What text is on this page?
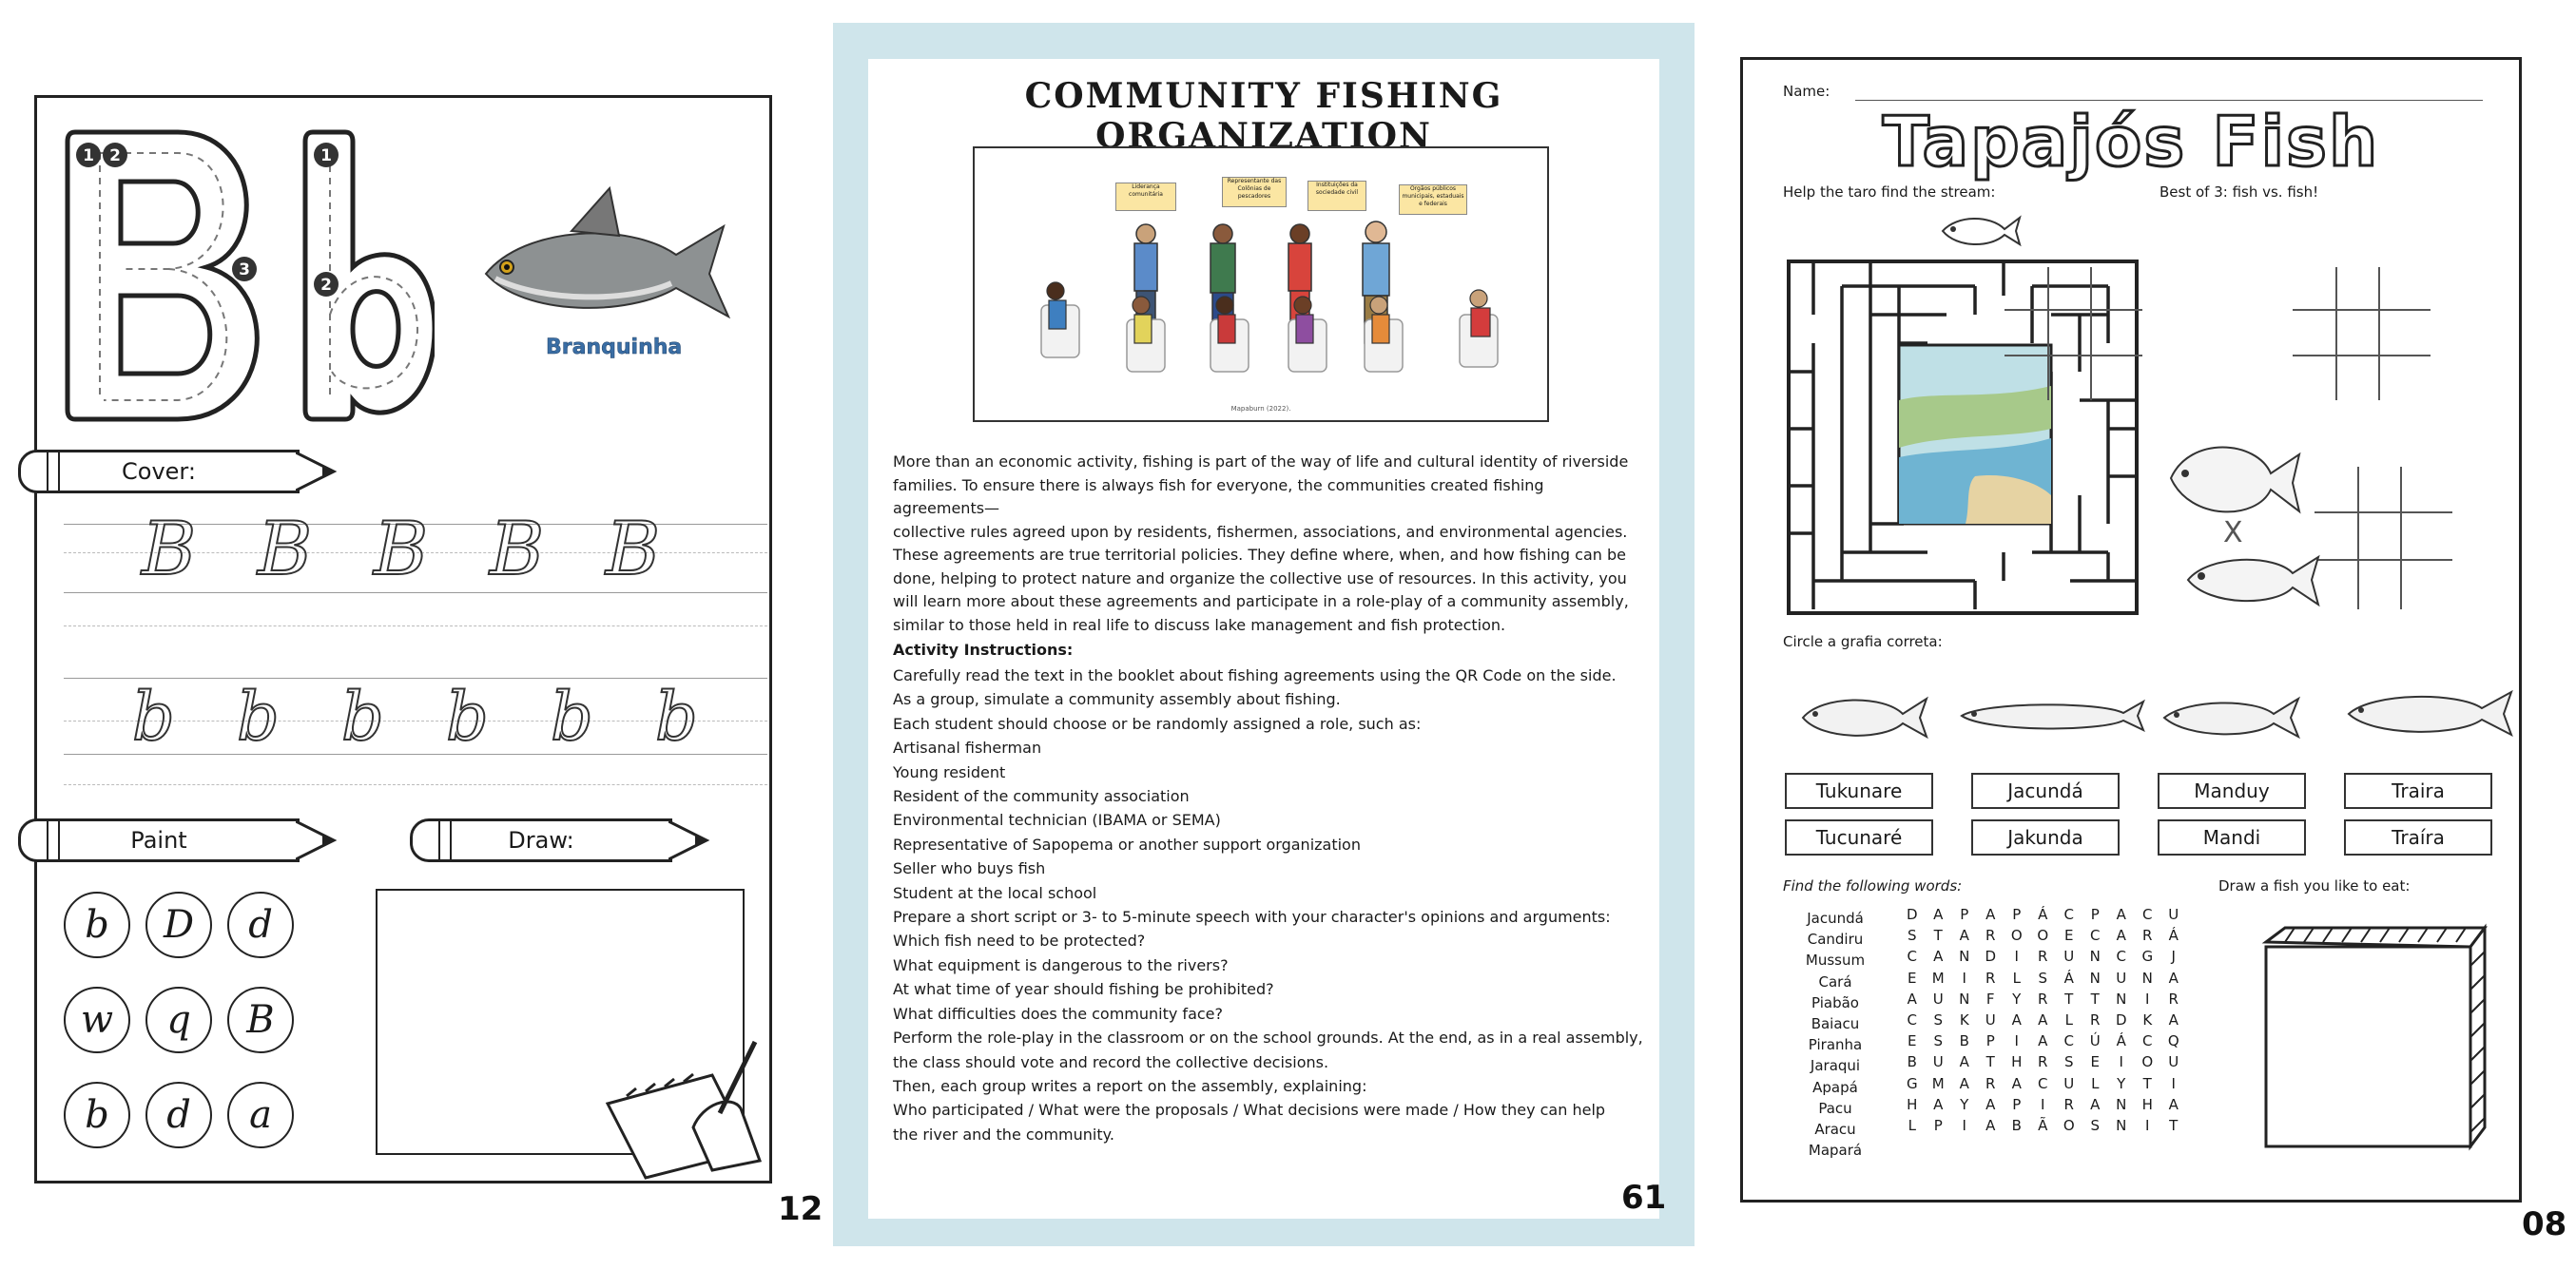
1 2
3
1
2
Branquinha
Cover:
B B B B B
b b b b b b
Paint	Draw:
b	D	d
w	q	B
b	d	a
12
COMMUNITY FISHING ORGANIZATION
Liderança comunitária
Representante das Colônias de pescadores
Instituições da sociedade civil
Órgãos públicos municipais, estaduais e federais
Mapaburn (2022).
More than an economic activity, fishing is part of the way of life and cultural identity of riverside
families. To ensure there is always fish for everyone, the communities created fishing agreements—
collective rules agreed upon by residents, fishermen, associations, and environmental agencies.
These agreements are true territorial policies. They define where, when, and how fishing can be
done, helping to protect nature and organize the collective use of resources. In this activity, you
will learn more about these agreements and participate in a role-play of a community assembly,
similar to those held in real life to discuss lake management and fish protection.
Activity Instructions:
Carefully read the text in the booklet about fishing agreements using the QR Code on the side.
As a group, simulate a community assembly about fishing.
Each student should choose or be randomly assigned a role, such as:
Artisanal fisherman
Young resident
Resident of the community association
Environmental technician (IBAMA or SEMA)
Representative of Sapopema or another support organization
Seller who buys fish
Student at the local school
Prepare a short script or 3- to 5-minute speech with your character's opinions and arguments:
Which fish need to be protected?
What equipment is dangerous to the rivers?
At what time of year should fishing be prohibited?
What difficulties does the community face?
Perform the role-play in the classroom or on the school grounds. At the end, as in a real assembly,
the class should vote and record the collective decisions.
Then, each group writes a report on the assembly, explaining:
Who participated / What were the proposals / What decisions were made / How they can help
the river and the community.
61
Name:
Tapajós Fish
Help the taro find the stream:	Best of 3: fish vs. fish!
X
Circle a grafia correta:
Tukunare	Jacundá	Manduy	Traira
Tucunaré	Jakunda	Mandi	Traíra
Find the following words:	Draw a fish you like to eat:
Jacundá
Candiru
Mussum
Cará
Piabão
Baiacu
Piranha
Jaraqui
Apapá
Pacu
Aracu
Mapará
D A P A P Á C P A C U
S T A R O O E C A R Á
C A N D I R U N C G J
E M I R L S Á N U N A
A U N F Y R T T N I R
C S K U A A L R D K A
E S B P I A C Ú Á C Q
B U A T H R S E I O U
G M A R A C U L Y T I
H A Y A P I R A N H A
L P I A B Ã O S N I T
08
